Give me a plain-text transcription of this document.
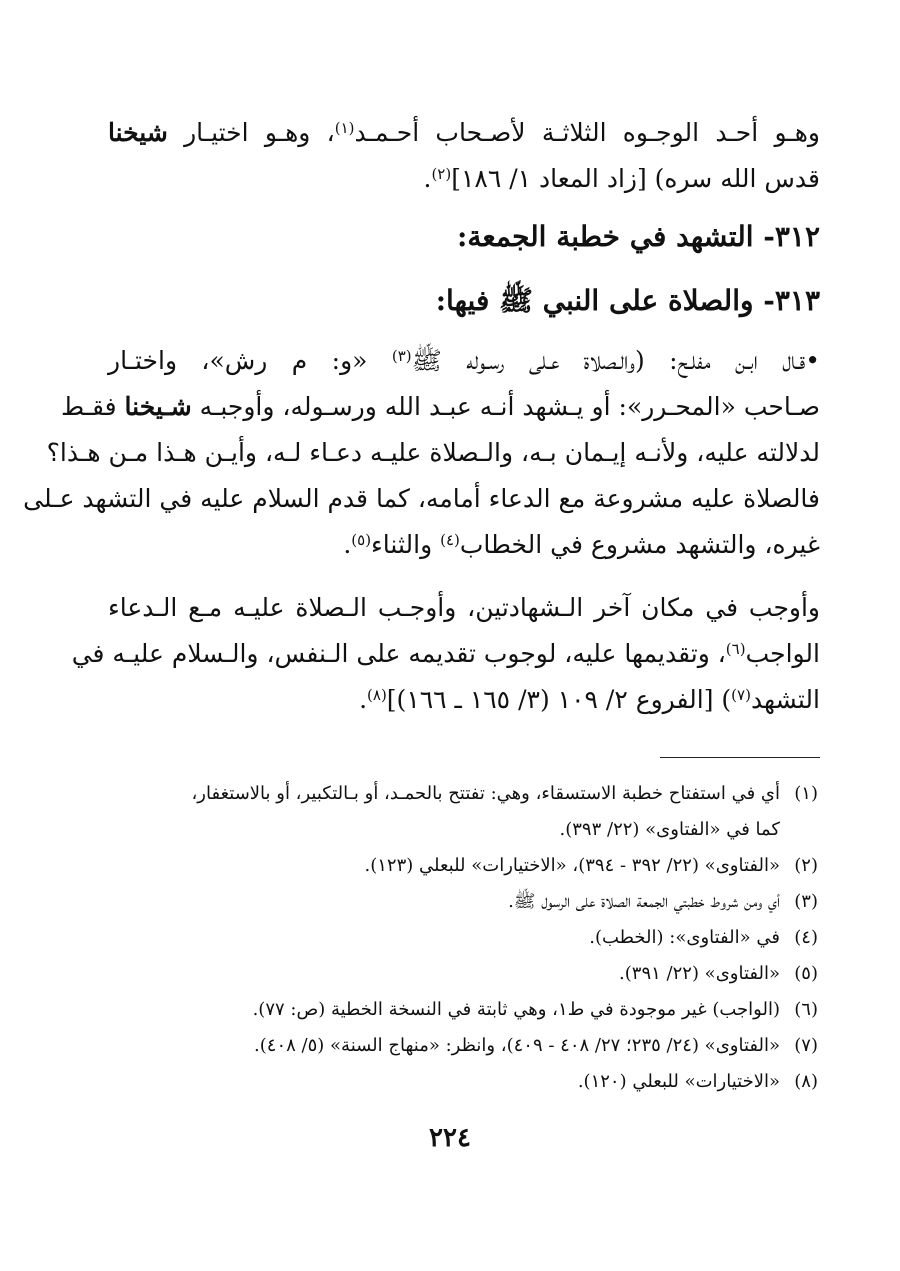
وهـو أحـد الوجـوه الثلاثـة لأصـحاب أحـمـد$^{(١)}$، وهـو اختيـار شيخنا
قدس الله سره) [زاد المعاد ١/ ١٨٦]$^{(٢)}$.
٣١٢- التشهد في خطبة الجمعة:
٣١٣- والصلاة على النبي ﷺ فيها:
•قـال ابـن مفلـح: (والـصلاة عـلى رسـوله ﷺ$^{(٣)}$ «و: م رش»، واختـار
صـاحب «المحـرر»: أو يـشهد أنـه عبـد الله ورسـوله، وأوجبـه شـيخنا فقـط
لدلالته عليه، ولأنـه إيـمان بـه، والـصلاة عليـه دعـاء لـه، وأيـن هـذا مـن هـذا؟
فالصلاة عليه مشروعة مع الدعاء أمامه، كما قدم السلام عليه في التشهد عـلى
غيره، والتشهد مشروع في الخطاب$^{(٤)}$ والثناء$^{(٥)}$.
وأوجب في مكان آخر الـشهادتين، وأوجـب الـصلاة عليـه مـع الـدعاء
الواجب$^{(٦)}$، وتقديمها عليه، لوجوب تقديمه على الـنفس، والـسلام عليـه في
التشهد$^{(٧)}$) [الفروع ٢/ ١٠٩ (٣/ ١٦٥ ـ ١٦٦)]$^{(٨)}$.
(١)
أي في استفتاح خطبة الاستسقاء، وهي: تفتتح بالحمـد، أو بـالتكبير، أو بالاستغفار،
كما في «الفتاوى» (٢٢/ ٣٩٣).
(٢)
«الفتاوى» (٢٢/ ٣٩٢ - ٣٩٤)، «الاختيارات» للبعلي (١٢٣).
(٣)
أي ومن شروط خطبتي الجمعة الصلاة على الرسول ﷺ.
(٤)
في «الفتاوى»: (الخطب).
(٥)
«الفتاوى» (٢٢/ ٣٩١).
(٦)
(الواجب) غير موجودة في ط١، وهي ثابتة في النسخة الخطية (ص: ٧٧).
(٧)
«الفتاوى» (٢٤/ ٢٣٥؛ ٢٧/ ٤٠٨ - ٤٠٩)، وانظر: «منهاج السنة» (٥/ ٤٠٨).
(٨)
«الاختيارات» للبعلي (١٢٠).
٢٢٤
